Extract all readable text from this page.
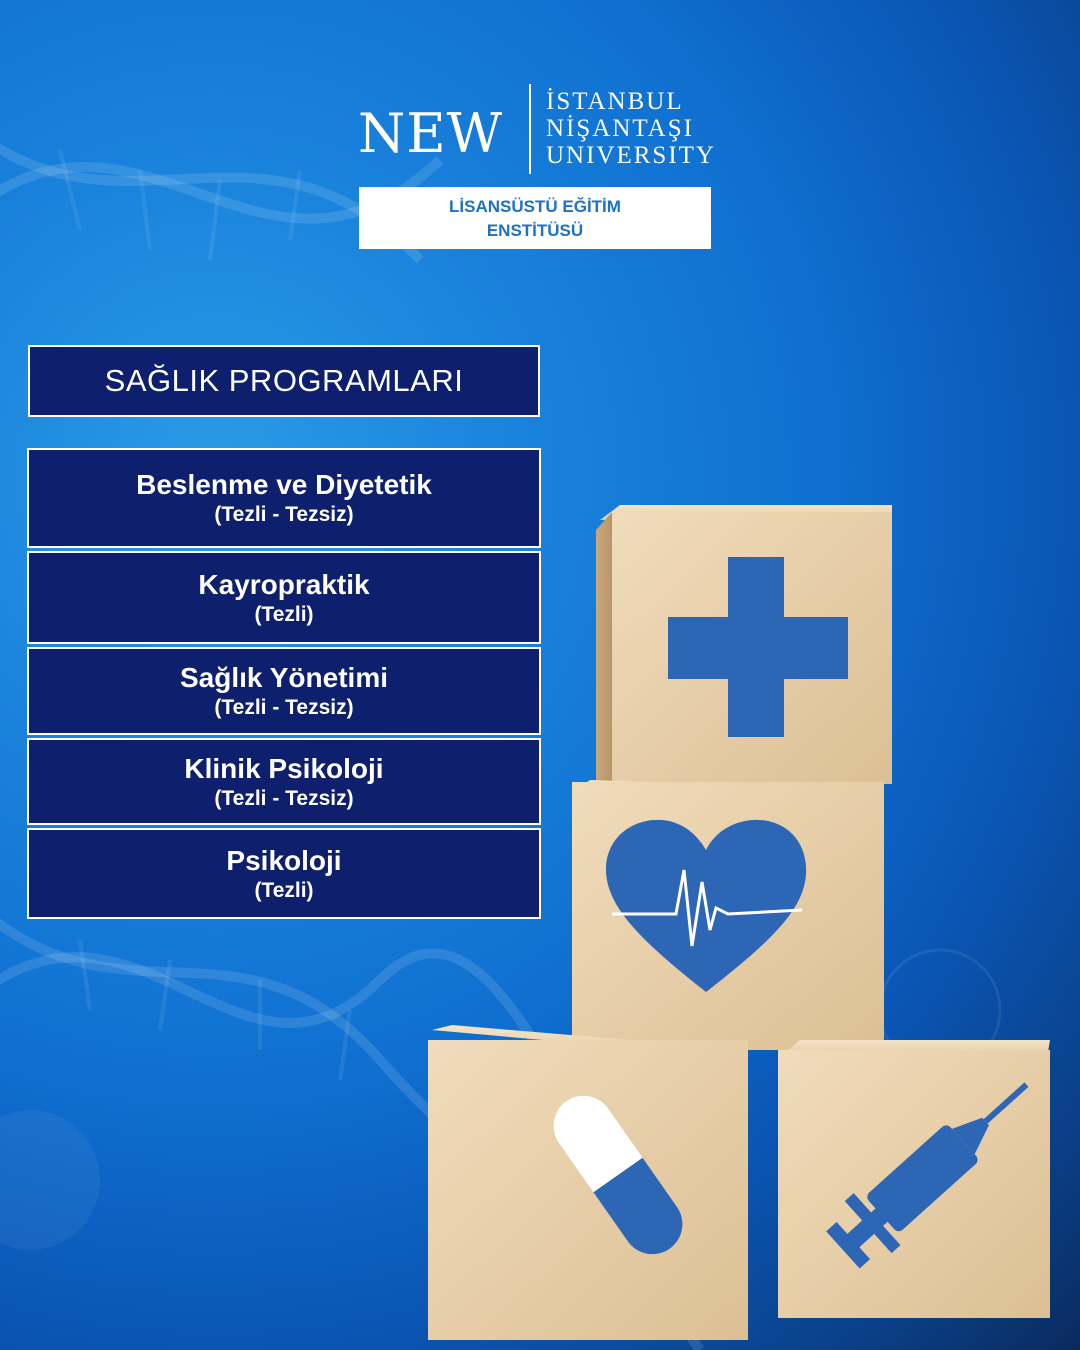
NEW
İSTANBUL
NİŞANTAŞI
UNIVERSITY
LİSANSÜSTÜ EĞİTİM
ENSTİTÜSÜ
SAĞLIK PROGRAMLARI
Beslenme ve Diyetetik
(Tezli - Tezsiz)
Kayropraktik
(Tezli)
Sağlık Yönetimi
(Tezli - Tezsiz)
Klinik Psikoloji
(Tezli - Tezsiz)
Psikoloji
(Tezli)
